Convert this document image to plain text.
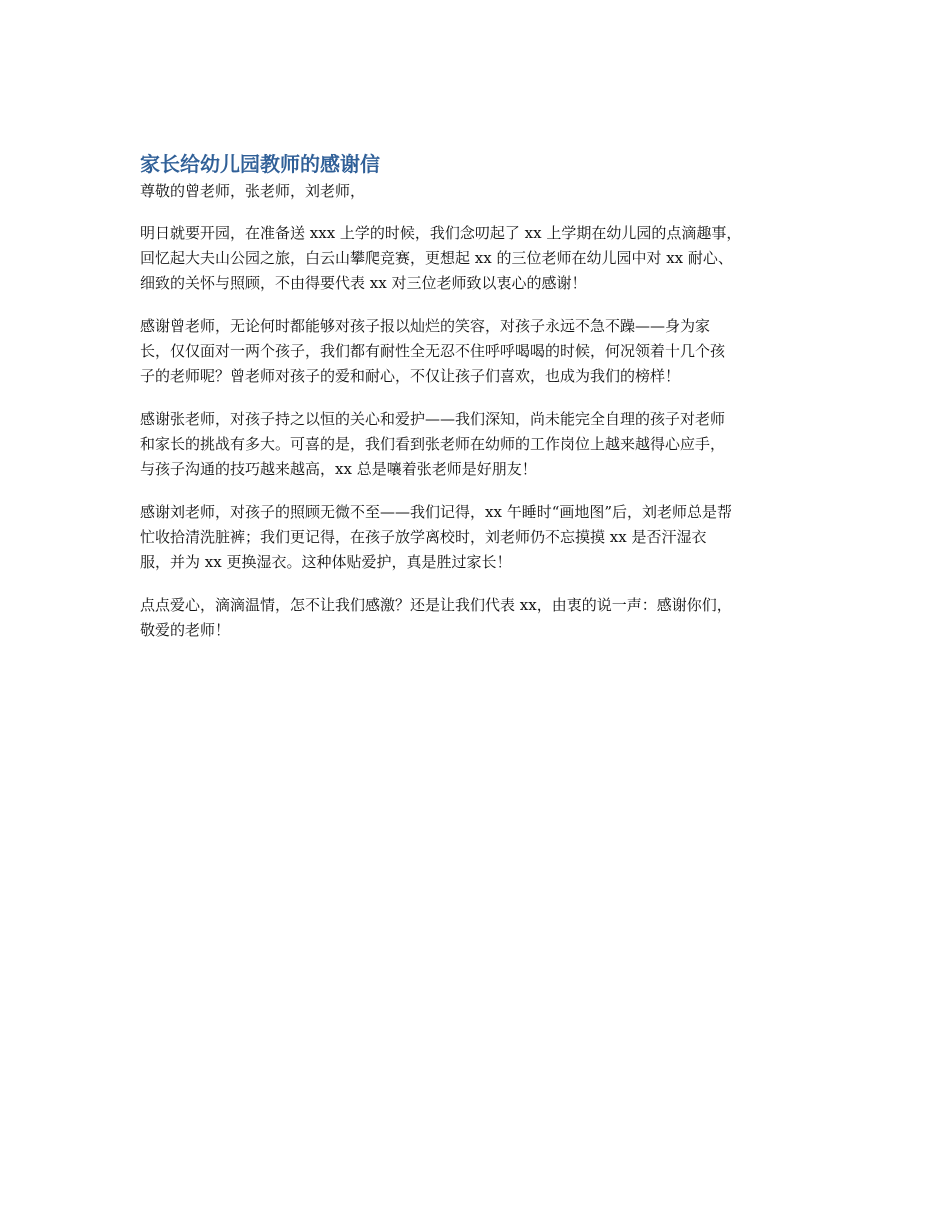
家长给幼儿园教师的感谢信

尊敬的曾老师，张老师，刘老师，

明日就要开园，在准备送 xxx 上学的时候，我们念叨起了 xx 上学期在幼儿园的点滴趣事，
回忆起大夫山公园之旅，白云山攀爬竞赛，更想起 xx 的三位老师在幼儿园中对 xx 耐心、
细致的关怀与照顾，不由得要代表 xx 对三位老师致以衷心的感谢！

感谢曾老师，无论何时都能够对孩子报以灿烂的笑容，对孩子永远不急不躁——身为家
长，仅仅面对一两个孩子，我们都有耐性全无忍不住呼呼喝喝的时候，何况领着十几个孩
子的老师呢？曾老师对孩子的爱和耐心，不仅让孩子们喜欢，也成为我们的榜样！

感谢张老师，对孩子持之以恒的关心和爱护——我们深知，尚未能完全自理的孩子对老师
和家长的挑战有多大。可喜的是，我们看到张老师在幼师的工作岗位上越来越得心应手，
与孩子沟通的技巧越来越高，xx 总是嚷着张老师是好朋友！

感谢刘老师，对孩子的照顾无微不至——我们记得，xx 午睡时“画地图”后，刘老师总是帮
忙收拾清洗脏裤；我们更记得，在孩子放学离校时，刘老师仍不忘摸摸 xx 是否汗湿衣
服，并为 xx 更换湿衣。这种体贴爱护，真是胜过家长！

点点爱心，滴滴温情，怎不让我们感激？还是让我们代表 xx，由衷的说一声：感谢你们，
敬爱的老师！
